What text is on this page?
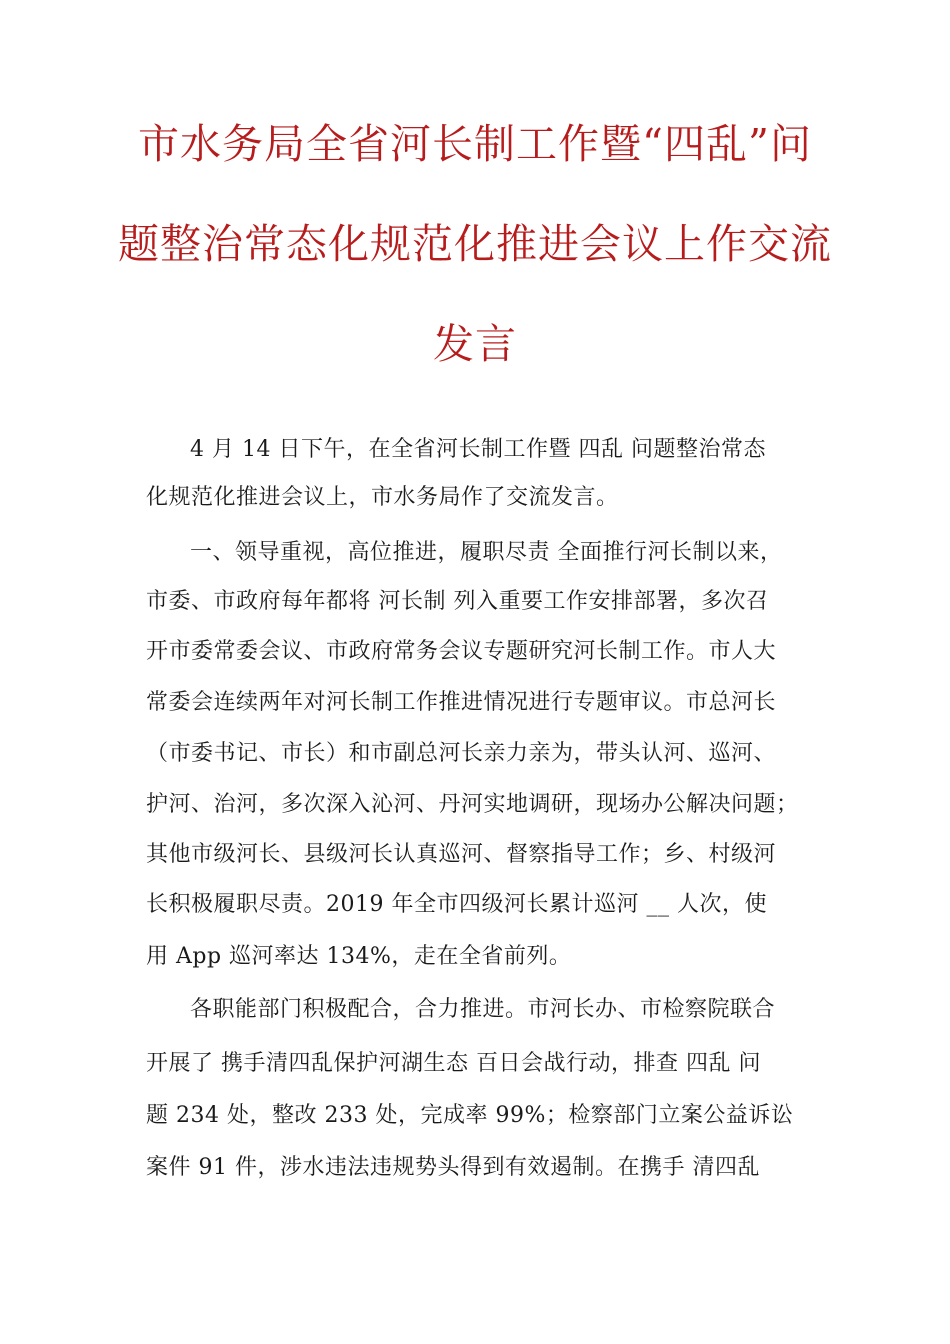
市水务局全省河长制工作暨“四乱”问
题整治常态化规范化推进会议上作交流
发言
4 月 14 日下午，在全省河长制工作暨 四乱 问题整治常态
化规范化推进会议上，市水务局作了交流发言。
一、领导重视，高位推进，履职尽责 全面推行河长制以来，
市委、市政府每年都将 河长制 列入重要工作安排部署，多次召
开市委常委会议、市政府常务会议专题研究河长制工作。市人大
常委会连续两年对河长制工作推进情况进行专题审议。市总河长
（市委书记、市长）和市副总河长亲力亲为，带头认河、巡河、
护河、治河，多次深入沁河、丹河实地调研，现场办公解决问题；
其他市级河长、县级河长认真巡河、督察指导工作；乡、村级河
长积极履职尽责。2019 年全市四级河长累计巡河 __ 人次，使
用 App 巡河率达 134%，走在全省前列。
各职能部门积极配合，合力推进。市河长办、市检察院联合
开展了 携手清四乱保护河湖生态 百日会战行动，排查 四乱 问
题 234 处，整改 233 处，完成率 99%；检察部门立案公益诉讼
案件 91 件，涉水违法违规势头得到有效遏制。在携手 清四乱
